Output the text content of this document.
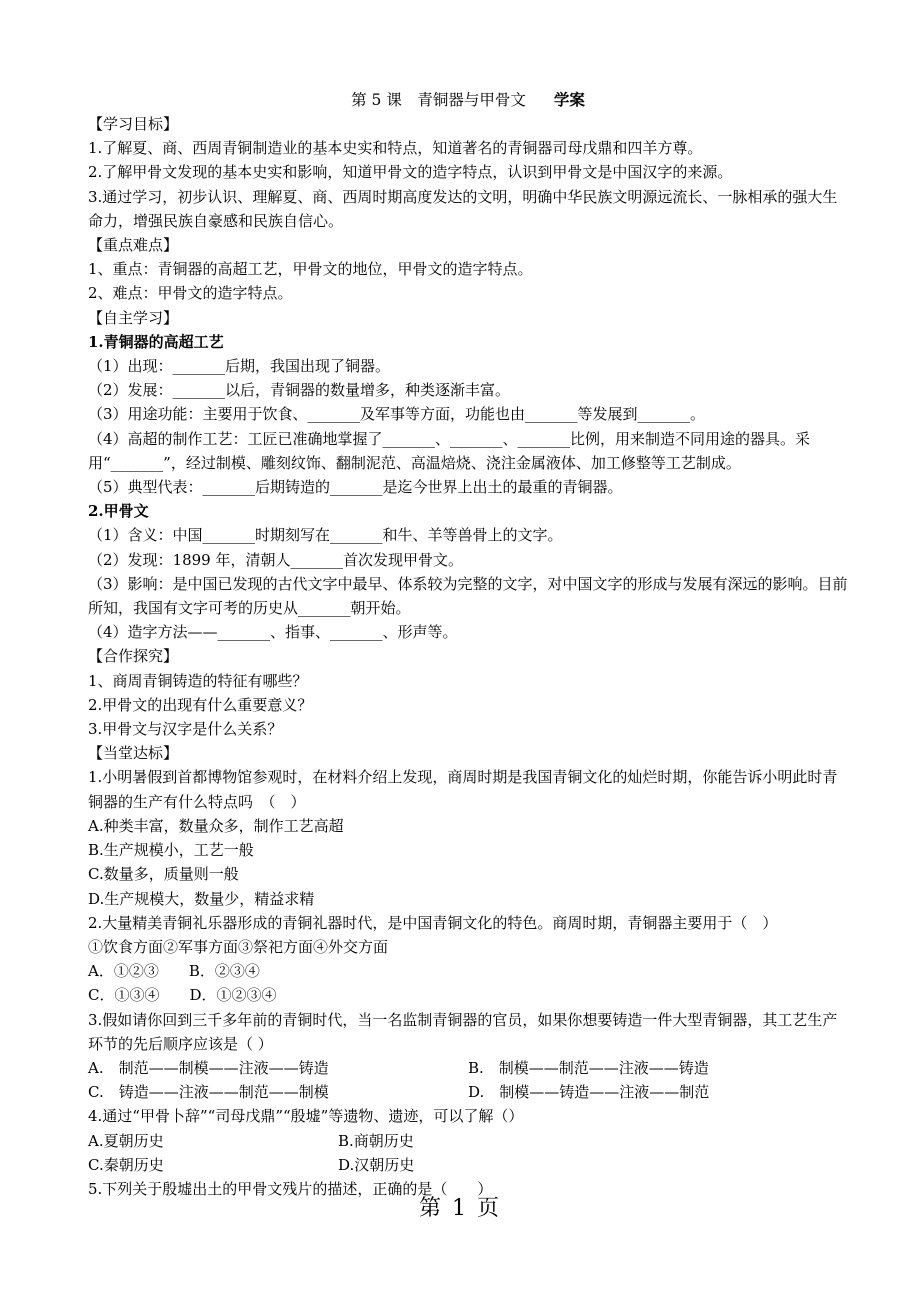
第 5 课　青铜器与甲骨文 学案
【学习目标】
1.了解夏、商、西周青铜制造业的基本史实和特点，知道著名的青铜器司母戊鼎和四羊方尊。
2.了解甲骨文发现的基本史实和影响，知道甲骨文的造字特点，认识到甲骨文是中国汉字的来源。
3.通过学习，初步认识、理解夏、商、西周时期高度发达的文明，明确中华民族文明源远流长、一脉相承的强大生命力，增强民族自豪感和民族自信心。
【重点难点】
1、重点：青铜器的高超工艺，甲骨文的地位，甲骨文的造字特点。
2、难点：甲骨文的造字特点。
【自主学习】
1.青铜器的高超工艺
（1）出现：_______后期，我国出现了铜器。
（2）发展：_______以后，青铜器的数量增多，种类逐渐丰富。
（3）用途功能：主要用于饮食、_______及军事等方面，功能也由_______等发展到_______。
（4）高超的制作工艺：工匠已准确地掌握了_______、_______、_______比例，用来制造不同用途的器具。采用“_______”，经过制模、雕刻纹饰、翻制泥范、高温焙烧、浇注金属液体、加工修整等工艺制成。
（5）典型代表：_______后期铸造的_______是迄今世界上出土的最重的青铜器。
2.甲骨文
（1）含义：中国_______时期刻写在_______和牛、羊等兽骨上的文字。
（2）发现：1899 年，清朝人_______首次发现甲骨文。
（3）影响：是中国已发现的古代文字中最早、体系较为完整的文字，对中国文字的形成与发展有深远的影响。目前所知，我国有文字可考的历史从_______朝开始。
（4）造字方法——_______、指事、_______、形声等。
【合作探究】
1、商周青铜铸造的特征有哪些？
2.甲骨文的出现有什么重要意义？
3.甲骨文与汉字是什么关系？
【当堂达标】
1.小明暑假到首都博物馆参观时，在材料介绍上发现，商周时期是我国青铜文化的灿烂时期，你能告诉小明此时青铜器的生产有什么特点吗　（　）
A.种类丰富，数量众多，制作工艺高超
B.生产规模小，工艺一般
C.数量多，质量则一般
D.生产规模大，数量少，精益求精
2.大量精美青铜礼乐器形成的青铜礼器时代，是中国青铜文化的特色。商周时期，青铜器主要用于（　）
①饮食方面②军事方面③祭祀方面④外交方面
A．①②③　　B．②③④
C．①③④　　D．①②③④
3.假如请你回到三千多年前的青铜时代，当一名监制青铜器的官员，如果你想要铸造一件大型青铜器，其工艺生产环节的先后顺序应该是（ ）
A.　制范——制模——注液——铸造	B.　制模——制范——注液——铸造
C.　铸造——注液——制范——制模	D.　制模——铸造——注液——制范
4.通过“甲骨卜辞”“司母戊鼎”“殷墟”等遗物、遗迹，可以了解（）
A.夏朝历史	B.商朝历史
C.秦朝历史	D.汉朝历史
5.下列关于殷墟出土的甲骨文残片的描述，正确的是（　　）
第 1 页
